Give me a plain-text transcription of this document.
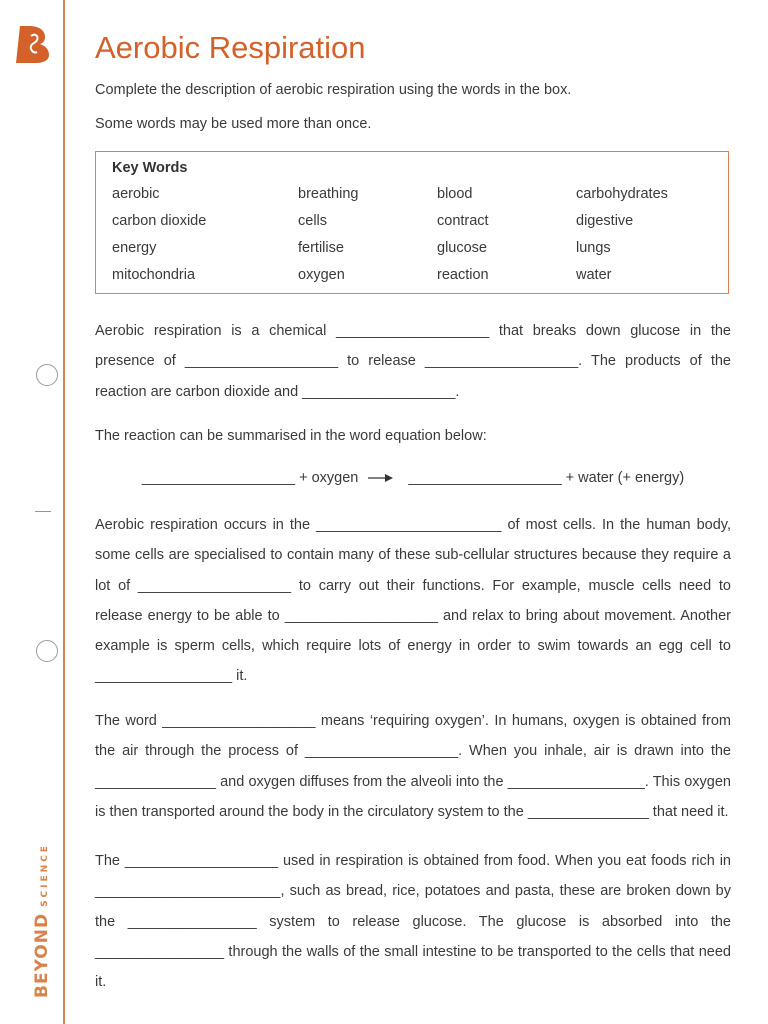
BEYONDSCIENCE
Aerobic Respiration

Complete the description of aerobic respiration using the words in the box.

Some words may be used more than once.

Key Words
aerobic	breathing	blood	carbohydrates
carbon dioxide	cells	contract	digestive
energy	fertilise	glucose	lungs
mitochondria	oxygen	reaction	water

Aerobic respiration is a chemical ___________________ that breaks down glucose in the presence of ___________________ to release ___________________. The products of the reaction are carbon dioxide and ___________________.

The reaction can be summarised in the word equation below:

___________________ + oxygen	___________________ + water (+ energy)

Aerobic respiration occurs in the _______________________ of most cells. In the human body, some cells are specialised to contain many of these sub-cellular structures because they require a lot of ___________________ to carry out their functions. For example, muscle cells need to release energy to be able to ___________________ and relax to bring about movement. Another example is sperm cells, which require lots of energy in order to swim towards an egg cell to _________________ it.

The word ___________________ means ‘requiring oxygen’. In humans, oxygen is obtained from the air through the process of ___________________. When you inhale, air is drawn into the _______________ and oxygen diffuses from the alveoli into the _________________. This oxygen is then transported around the body in the circulatory system to the _______________ that need it.

The ___________________ used in respiration is obtained from food. When you eat foods rich in _______________________, such as bread, rice, potatoes and pasta, these are broken down by the ________________ system to release glucose. The glucose is absorbed into the ________________ through the walls of the small intestine to be transported to the cells that need it.
